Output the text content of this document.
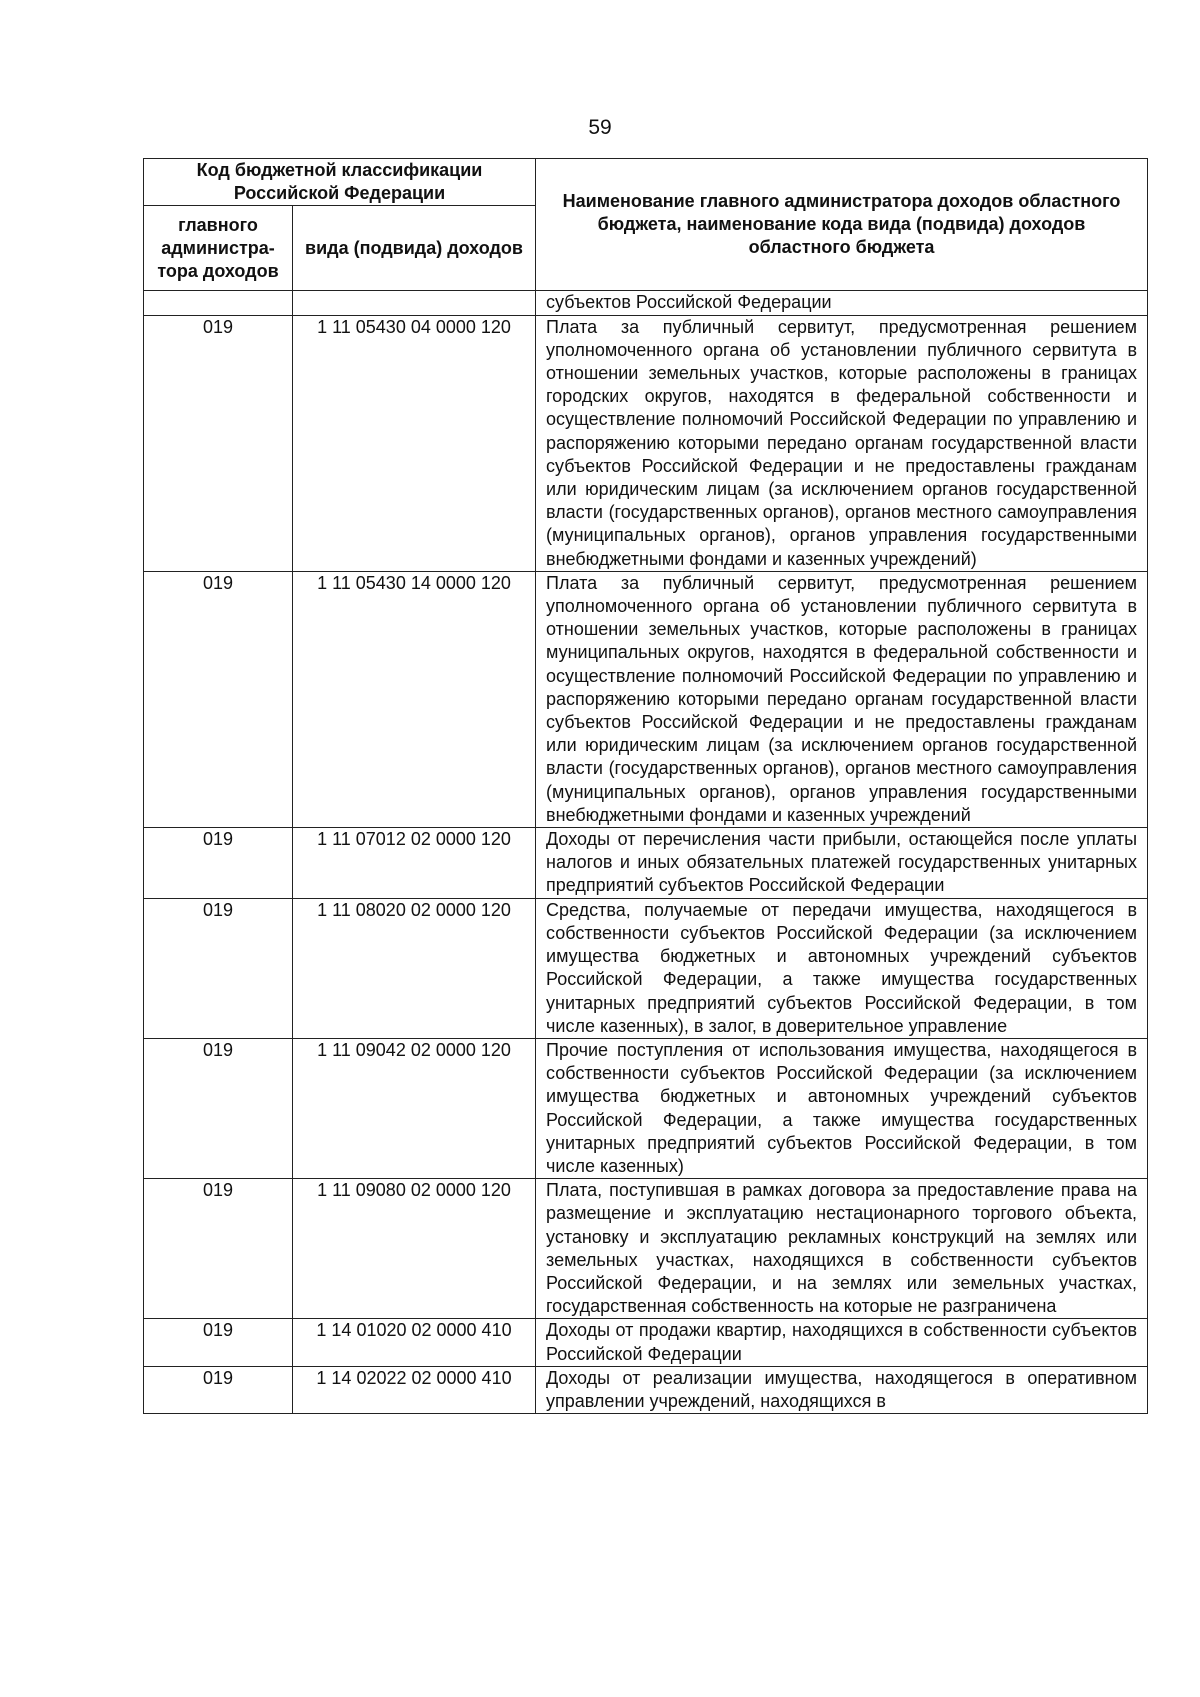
59
Код бюджетной классификации Российской Федерации		Наименование главного администратора доходов областного бюджета, наименование кода вида (подвида) доходов областного бюджета
главного администра-тора доходов	вида (подвида) доходов	
		субъектов Российской Федерации
019	1 11 05430 04 0000 120	Плата за публичный сервитут, предусмотренная решением уполномоченного органа об установлении публичного сервитута в отношении земельных участков, которые расположены в границах городских округов, находятся в федеральной собственности и осуществление полномочий Российской Федерации по управлению и распоряжению которыми передано органам государственной власти субъектов Российской Федерации и не предоставлены гражданам или юридическим лицам (за исключением органов государственной власти (государственных органов), органов местного самоуправления (муниципальных органов), органов управления государственными внебюджетными фондами и казенных учреждений)
019	1 11 05430 14 0000 120	Плата за публичный сервитут, предусмотренная решением уполномоченного органа об установлении публичного сервитута в отношении земельных участков, которые расположены в границах муниципальных округов, находятся в федеральной собственности и осуществление полномочий Российской Федерации по управлению и распоряжению которыми передано органам государственной власти субъектов Российской Федерации и не предоставлены гражданам или юридическим лицам (за исключением органов государственной власти (государственных органов), органов местного самоуправления (муниципальных органов), органов управления государственными внебюджетными фондами и казенных учреждений
019	1 11 07012 02 0000 120	Доходы от перечисления части прибыли, остающейся после уплаты налогов и иных обязательных платежей государственных унитарных предприятий субъектов Российской Федерации
019	1 11 08020 02 0000 120	Средства, получаемые от передачи имущества, находящегося в собственности субъектов Российской Федерации (за исключением имущества бюджетных и автономных учреждений субъектов Российской Федерации, а также имущества государственных унитарных предприятий субъектов Российской Федерации, в том числе казенных), в залог, в доверительное управление
019	1 11 09042 02 0000 120	Прочие поступления от использования имущества, находящегося в собственности субъектов Российской Федерации (за исключением имущества бюджетных и автономных учреждений субъектов Российской Федерации, а также имущества государственных унитарных предприятий субъектов Российской Федерации, в том числе казенных)
019	1 11 09080 02 0000 120	Плата, поступившая в рамках договора за предоставление права на размещение и эксплуатацию нестационарного торгового объекта, установку и эксплуатацию рекламных конструкций на землях или земельных участках, находящихся в собственности субъектов Российской Федерации, и на землях или земельных участках, государственная собственность на которые не разграничена
019	1 14 01020 02 0000 410	Доходы от продажи квартир, находящихся в собственности субъектов Российской Федерации
019	1 14 02022 02 0000 410	Доходы от реализации имущества, находящегося в оперативном управлении учреждений, находящихся в
